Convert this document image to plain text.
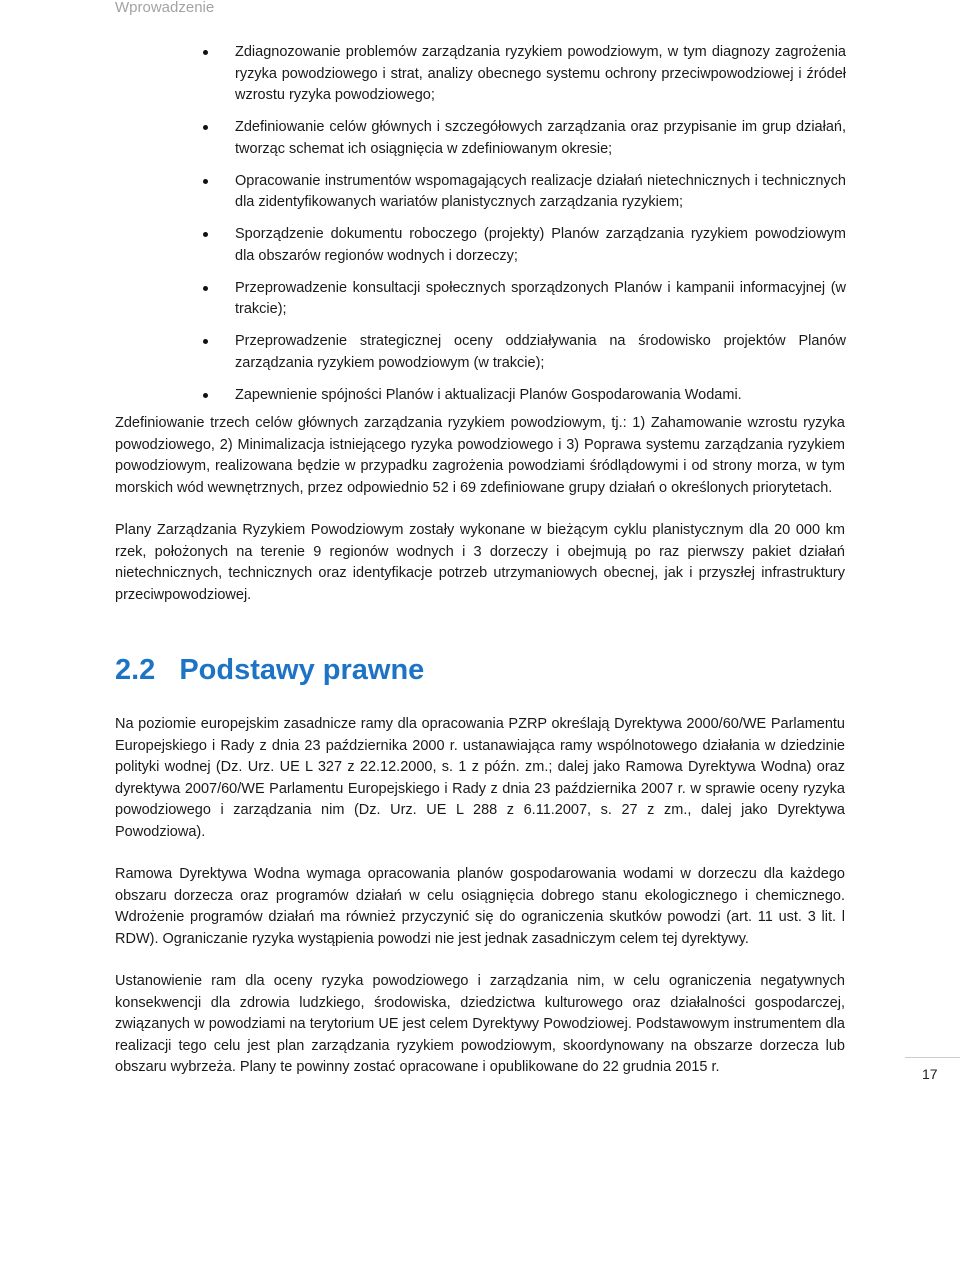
Wprowadzenie
Zdiagnozowanie problemów zarządzania ryzykiem powodziowym, w tym diagnozy zagrożenia ryzyka powodziowego i strat, analizy obecnego systemu ochrony przeciwpowodziowej i źródeł wzrostu ryzyka powodziowego;
Zdefiniowanie celów głównych i szczegółowych zarządzania oraz przypisanie im grup działań, tworząc schemat ich osiągnięcia w zdefiniowanym okresie;
Opracowanie instrumentów wspomagających realizacje działań nietechnicznych i technicznych dla zidentyfikowanych wariatów planistycznych zarządzania ryzykiem;
Sporządzenie dokumentu roboczego (projekty) Planów zarządzania ryzykiem powodziowym dla obszarów regionów wodnych i dorzeczy;
Przeprowadzenie konsultacji społecznych sporządzonych Planów i kampanii informacyjnej (w trakcie);
Przeprowadzenie strategicznej oceny oddziaływania na środowisko projektów Planów zarządzania ryzykiem powodziowym (w trakcie);
Zapewnienie spójności Planów i aktualizacji Planów Gospodarowania Wodami.

Zdefiniowanie trzech celów głównych zarządzania ryzykiem powodziowym, tj.: 1) Zahamowanie wzrostu ryzyka powodziowego, 2) Minimalizacja istniejącego ryzyka powodziowego i 3) Poprawa systemu zarządzania ryzykiem powodziowym, realizowana będzie w przypadku zagrożenia powodziami śródlądowymi i od strony morza, w tym morskich wód wewnętrznych, przez odpowiednio 52 i 69 zdefiniowane grupy działań o określonych priorytetach.

Plany Zarządzania Ryzykiem Powodziowym zostały wykonane w bieżącym cyklu planistycznym dla 20 000 km rzek, położonych na terenie 9 regionów wodnych i 3 dorzeczy i obejmują po raz pierwszy pakiet działań nietechnicznych, technicznych oraz identyfikacje potrzeb utrzymaniowych obecnej, jak i przyszłej infrastruktury przeciwpowodziowej.

2.2 Podstawy prawne

Na poziomie europejskim zasadnicze ramy dla opracowania PZRP określają Dyrektywa 2000/60/WE Parlamentu Europejskiego i Rady z dnia 23 października 2000 r. ustanawiająca ramy wspólnotowego działania w dziedzinie polityki wodnej (Dz. Urz. UE L 327 z 22.12.2000, s. 1 z późn. zm.; dalej jako Ramowa Dyrektywa Wodna) oraz dyrektywa 2007/60/WE Parlamentu Europejskiego i Rady z dnia 23 października 2007 r. w sprawie oceny ryzyka powodziowego i zarządzania nim (Dz. Urz. UE L 288 z 6.11.2007, s. 27 z zm., dalej jako Dyrektywa Powodziowa).

Ramowa Dyrektywa Wodna wymaga opracowania planów gospodarowania wodami w dorzeczu dla każdego obszaru dorzecza oraz programów działań w celu osiągnięcia dobrego stanu ekologicznego i chemicznego. Wdrożenie programów działań ma również przyczynić się do ograniczenia skutków powodzi (art. 11 ust. 3 lit. l RDW). Ograniczanie ryzyka wystąpienia powodzi nie jest jednak zasadniczym celem tej dyrektywy.

Ustanowienie ram dla oceny ryzyka powodziowego i zarządzania nim, w celu ograniczenia negatywnych konsekwencji dla zdrowia ludzkiego, środowiska, dziedzictwa kulturowego oraz działalności gospodarczej, związanych w powodziami na terytorium UE jest celem Dyrektywy Powodziowej. Podstawowym instrumentem dla realizacji tego celu jest plan zarządzania ryzykiem powodziowym, skoordynowany na obszarze dorzecza lub obszaru wybrzeża. Plany te powinny zostać opracowane i opublikowane do 22 grudnia 2015 r.	17
